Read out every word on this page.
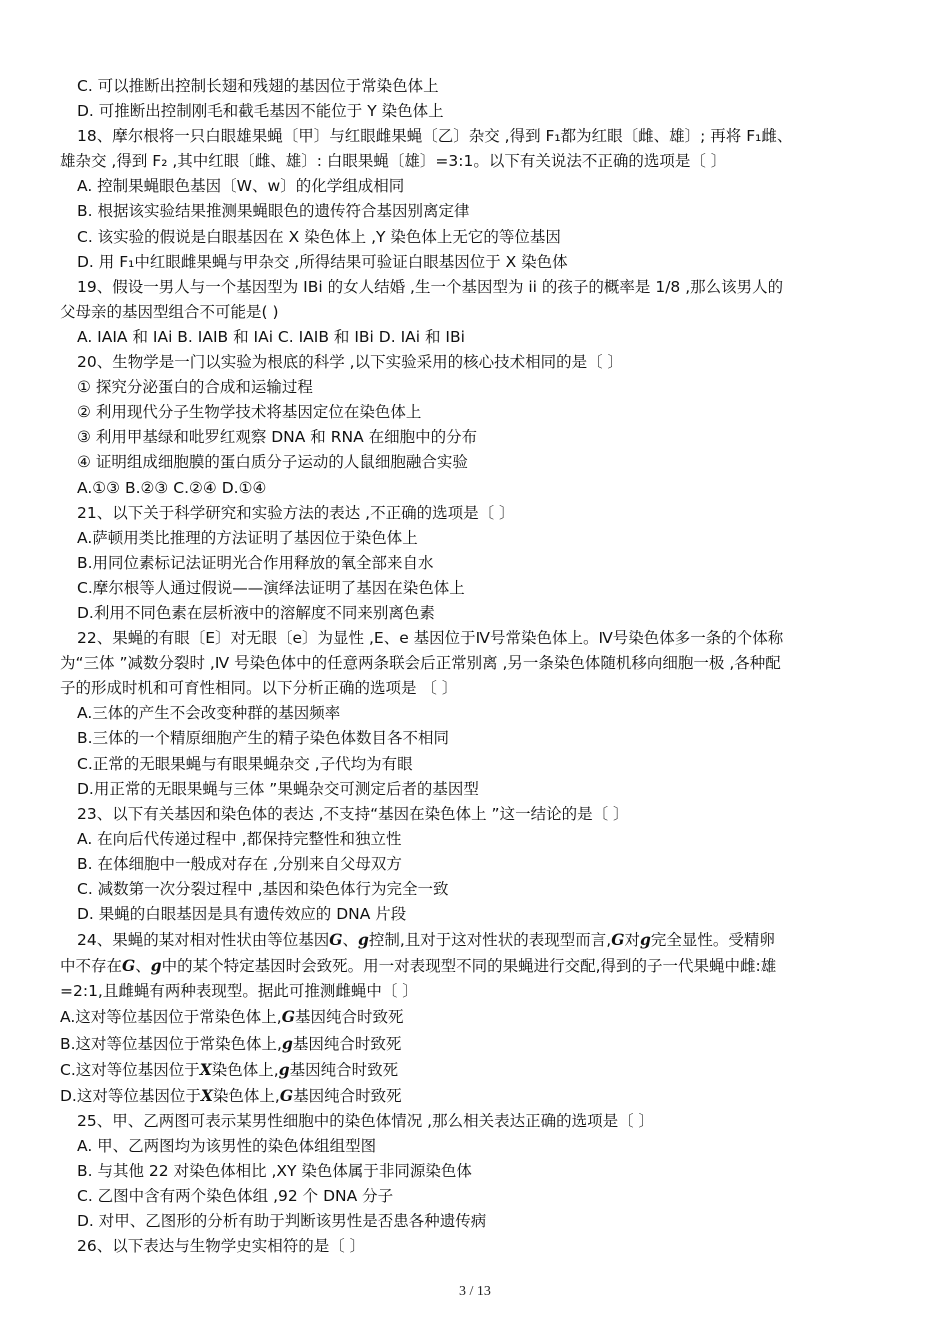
C. 可以推断出控制长翅和残翅的基因位于常染色体上

D. 可推断出控制刚毛和截毛基因不能位于 Y 染色体上

18、摩尔根将一只白眼雄果蝇〔甲〕与红眼雌果蝇〔乙〕杂交 ,得到 F₁都为红眼〔雌、雄〕; 再将 F₁雌、

雄杂交 ,得到 F₂ ,其中红眼〔雌、雄〕: 白眼果蝇〔雄〕=3:1。以下有关说法不正确的选项是〔 〕

A. 控制果蝇眼色基因〔W、w〕的化学组成相同

B. 根据该实验结果推测果蝇眼色的遗传符合基因别离定律

C. 该实验的假说是白眼基因在 X 染色体上 ,Y 染色体上无它的等位基因

D. 用 F₁中红眼雌果蝇与甲杂交 ,所得结果可验证白眼基因位于 X 染色体

19、假设一男人与一个基因型为 IBi 的女人结婚 ,生一个基因型为 ii 的孩子的概率是 1/8 ,那么该男人的

父母亲的基因型组合不可能是( )

A. IAIA 和 IAi B. IAIB 和 IAi C. IAIB 和 IBi D. IAi 和 IBi

20、生物学是一门以实验为根底的科学 ,以下实验采用的核心技术相同的是〔 〕

① 探究分泌蛋白的合成和运输过程

② 利用现代分子生物学技术将基因定位在染色体上

③ 利用甲基绿和吡罗红观察 DNA 和 RNA 在细胞中的分布

④ 证明组成细胞膜的蛋白质分子运动的人鼠细胞融合实验

A.①③ B.②③ C.②④ D.①④

21、以下关于科学研究和实验方法的表达 ,不正确的选项是〔 〕

A.萨顿用类比推理的方法证明了基因位于染色体上

B.用同位素标记法证明光合作用释放的氧全部来自水

C.摩尔根等人通过假说——演绎法证明了基因在染色体上

D.利用不同色素在层析液中的溶解度不同来别离色素

22、果蝇的有眼〔E〕对无眼〔e〕为显性 ,E、e 基因位于Ⅳ号常染色体上。Ⅳ号染色体多一条的个体称

为“三体 ”减数分裂时 ,Ⅳ 号染色体中的任意两条联会后正常别离 ,另一条染色体随机移向细胞一极 ,各种配

子的形成时机和可育性相同。以下分析正确的选项是 〔 〕

A.三体的产生不会改变种群的基因频率

B.三体的一个精原细胞产生的精子染色体数目各不相同

C.正常的无眼果蝇与有眼果蝇杂交 ,子代均为有眼

D.用正常的无眼果蝇与三体 ”果蝇杂交可测定后者的基因型

23、以下有关基因和染色体的表达 ,不支持“基因在染色体上 ”这一结论的是〔 〕

A. 在向后代传递过程中 ,都保持完整性和独立性

B. 在体细胞中一般成对存在 ,分别来自父母双方

C. 减数第一次分裂过程中 ,基因和染色体行为完全一致

D. 果蝇的白眼基因是具有遗传效应的 DNA 片段

24、果蝇的某对相对性状由等位基因G、g控制,且对于这对性状的表现型而言,G对g完全显性。受精卵

中不存在G、g中的某个特定基因时会致死。用一对表现型不同的果蝇进行交配,得到的子一代果蝇中雌:雄

=2:1,且雌蝇有两种表现型。据此可推测雌蝇中〔 〕

A.这对等位基因位于常染色体上,G基因纯合时致死

B.这对等位基因位于常染色体上,g基因纯合时致死

C.这对等位基因位于X染色体上,g基因纯合时致死

D.这对等位基因位于X染色体上,G基因纯合时致死

25、甲、乙两图可表示某男性细胞中的染色体情况 ,那么相关表达正确的选项是〔 〕

A. 甲、乙两图均为该男性的染色体组组型图

B. 与其他 22 对染色体相比 ,XY 染色体属于非同源染色体

C. 乙图中含有两个染色体组 ,92 个 DNA 分子

D. 对甲、乙图形的分析有助于判断该男性是否患各种遗传病

26、以下表达与生物学史实相符的是〔 〕

3 / 13
